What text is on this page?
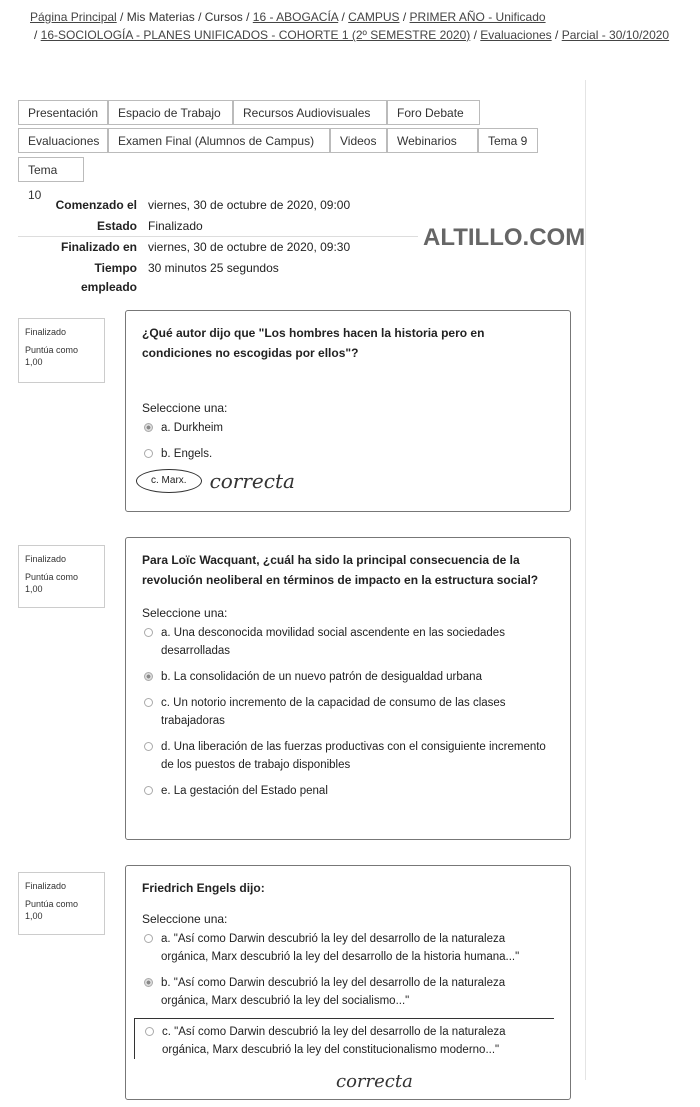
Página Principal / Mis Materias / Cursos / 16 - ABOGACÍA / CAMPUS / PRIMER AÑO - Unificado
/ 16-SOCIOLOGÍA - PLANES UNIFICADOS - COHORTE 1 (2º SEMESTRE 2020) / Evaluaciones / Parcial - 30/10/2020
Presentación	Espacio de Trabajo	Recursos Audiovisuales	Foro Debate
Evaluaciones	Examen Final (Alumnos de Campus)	Videos	Webinarios	Tema 9
Tema 10
Comenzado el viernes, 30 de octubre de 2020, 09:00
Estado Finalizado
Finalizado en viernes, 30 de octubre de 2020, 09:30
Tiempo
empleado
30 minutos 25 segundos
ALTILLO.COM
Finalizado
Puntúa como
1,00
¿Qué autor dijo que "Los hombres hacen la historia pero en condiciones no escogidas por ellos"?
Seleccione una:
a. Durkheim
b. Engels.
c. Marx.	correcta
Finalizado
Puntúa como
1,00
Para Loïc Wacquant, ¿cuál ha sido la principal consecuencia de la revolución neoliberal en términos de impacto en la estructura social?
Seleccione una:
a. Una desconocida movilidad social ascendente en las sociedades desarrolladas
b. La consolidación de un nuevo patrón de desigualdad urbana
c. Un notorio incremento de la capacidad de consumo de las clases trabajadoras
d. Una liberación de las fuerzas productivas con el consiguiente incremento de los puestos de trabajo disponibles
e. La gestación del Estado penal
Finalizado
Puntúa como
1,00
Friedrich Engels dijo:
Seleccione una:
a. "Así como Darwin descubrió la ley del desarrollo de la naturaleza orgánica, Marx descubrió la ley del desarrollo de la historia humana..."
b. "Así como Darwin descubrió la ley del desarrollo de la naturaleza orgánica, Marx descubrió la ley del socialismo..."
c. "Así como Darwin descubrió la ley del desarrollo de la naturaleza orgánica, Marx descubrió la ley del constitucionalismo moderno..."
correcta
